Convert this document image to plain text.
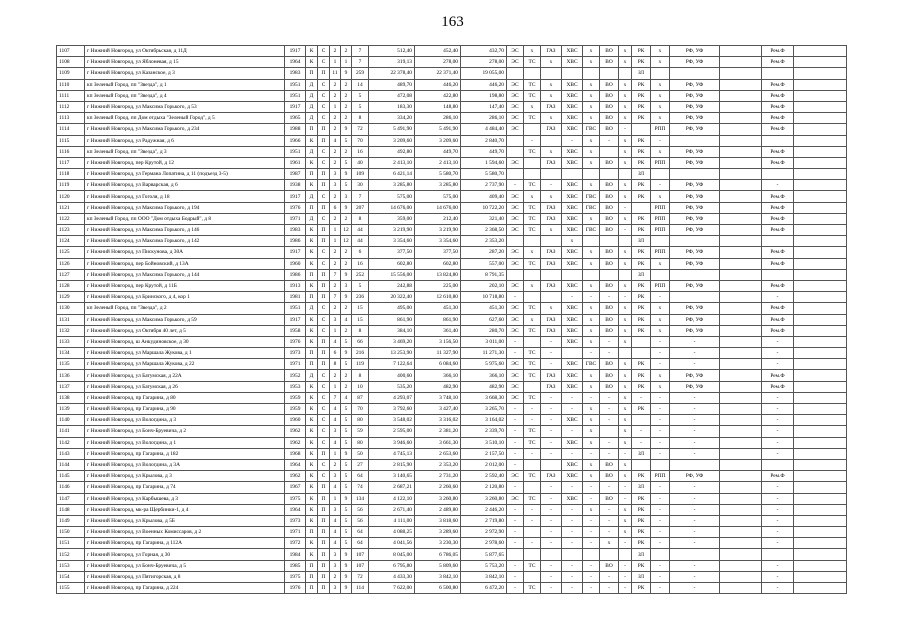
163
1107	г Нижний Новгород, ул Октябрьская, д 11Д	1917	К	С	2	2	7	512,40	452,40	432,70	ЭС	х	ГАЗ	ХВС	х	ВО	х	РК	х	РФ, УФ		Рем.Ф	
1108	г Нижний Новгород, ул Яблоневая, д 15	1964	К	С	1	1	7	319,13	278,00	278,00	ЭС	ТС	х	ХВС	х	ВО	х	РК	х	РФ, УФ		Рем.Ф	
1109	г Нижний Новгород, ул Казанское, д 3	1983	П	П	11	9	259	22 378,40	22 371,40	19 055,00								ЗЛ					
1110	кп Зеленый Город, пп "Звезда", д 1	1951	Д	С	2	2	14	489,70	446,20	446,20	ЭС	ТС	х	ХВС	х	ВО	х	РК	х	РФ, УФ		Рем.Ф	
1111	кп Зеленый Город, пп "Звезда", д 4	1951	Д	С	2	2	5	472,08	422,80	198,80	ЭС	ТС	х	ХВС	х	ВО	х	РК	х	РФ, УФ		Рем.Ф	
1112	г Нижний Новгород, ул Максима Горького, д 53	1917	Д	С	1	2	5	183,30	148,80	147,40	ЭС	х	ГАЗ	ХВС	х	ВО	х	РК	х	РФ, УФ		Рем.Ф	
1113	кп Зеленый Город, пп Дом отдыха "Зеленый Город", д 5	1965	Д	С	2	2	8	334,20	286,10	286,10	ЭС	ТС	х	ХВС	х	ВО	х	РК	х	РФ, УФ		Рем.Ф	
1114	г Нижний Новгород, ул Максима Горького, д 234	1988	П	П	2	9	72	5 491,90	5 491,90	4 484,40	ЭС		ГАЗ	ХВС	ГВС	ВО	-		РПП	РФ, УФ		Рем.Ф	
1115	г Нижний Новгород, ул Радужная, д 6	1966	К	П	4	5	70	3 209,60	3 209,60	2 840,70		-		-	х	-	х	РК	-				
1116	кп Зеленый Город, пп "Звезда", д 3	1951	Д	С	2	2	16	492,80	449,70	449,70		ТС	х	ХВС	х		х	РК	х	РФ, УФ		Рем.Ф	
1117	г Нижний Новгород, пер Крутой, д 12	1961	К	С	2	5	40	2 413,10	2 413,10	1 594,60	ЭС		ГАЗ	ХВС	х	ВО	х	РК	РПП	РФ, УФ		Рем.Ф	
1118	г Нижний Новгород, ул Германа Лопатина, д 11 (подъезд 3-5)	1987	П	П	3	9	109	6 421,14	5 580,70	5 580,70								ЗЛ					
1119	г Нижний Новгород, ул Варварская, д 6	1938	К	П	3	5	30	3 285,80	3 285,80	2 737,90	-	ТС	-	ХВС	х	ВО	х	РК	-	РФ, УФ		-	
1120	г Нижний Новгород, ул Гоголя, д 18	1917	Д	С	2	3	7	575,00	575,00	409,40	ЭС	х	х	ХВС	ГВС	ВО	х	РК	х	РФ, УФ		Рем.Ф	
1121	г Нижний Новгород, ул Максима Горького, д 194	1976	П	П	6	9	207	14 676,00	14 676,00	10 722,20	ЭС	ТС	ГАЗ	ХВС	ГВС	ВО	-		РПП	РФ, УФ		Рем.Ф	
1122	кп Зеленый Город, пп ООО "Дом отдыха Бодрый", д 8	1971	Д	С	2	2	8	359,00	212,40	321,40	ЭС	ТС	ГАЗ	ХВС	х	ВО	х	РК	РПП	РФ, УФ		Рем.Ф	
1123	г Нижний Новгород, ул Максима Горького, д 146	1983	К	П	1	12	44	3 219,90	3 219,90	2 368,50	ЭС	ТС	х	ХВС	ГВС	ВО	-	РК	РПП	РФ, УФ		Рем.Ф	
1124	г Нижний Новгород, ул Максима Горького, д 142	1986	К	П	1	12	44	3 354,60	3 354,60	2 353,20				х				ЗЛ					
1125	г Нижний Новгород, ул Пискунова, д 30А	1917	К	С	2	2	6	377,50	377,50	287,20	ЭС	х	ГАЗ	ХВС	х	ВО	х	РК	РПП	РФ, УФ		Рем.Ф	
1126	г Нижний Новгород, пер Бойновский, д 13А	1960	К	С	2	2	16	602,80	602,80	557,00	ЭС	ТС	ГАЗ	ХВС	х	ВО	х	РК	х	РФ, УФ		Рем.Ф	
1127	г Нижний Новгород, ул Максима Горького, д 144	1986	П	П	7	9	252	15 556,00	13 824,80	8 791,35								ЗЛ					
1128	г Нижний Новгород, пер Крутой, д 11Б	1913	К	П	2	3	5	242,88	225,00	202,10	ЭС	х	ГАЗ	ХВС	х	ВО	х	РК	РПП	РФ, УФ		Рем.Ф	
1129	г Нижний Новгород, ул Бринского, д 4, кор 1	1981	П	П	7	9	236	20 322,40	12 610,80	10 718,80	-			-	-	-	-	РК	-			-	
1130	кп Зеленый Город, пп "Звезда", д 2	1951	Д	С	2	2	15	495,00	451,30	451,30	ЭС	ТС	х	ХВС	х	ВО	х	РК	х	РФ, УФ		Рем.Ф	
1131	г Нижний Новгород, ул Максима Горького, д 59	1917	К	С	3	4	15	861,90	861,90	627,60	ЭС	х	ГАЗ	ХВС	х	ВО	х	РК	х	РФ, УФ		Рем.Ф	
1132	г Нижний Новгород, ул Октября 40 лет, д 5	1958	К	С	1	2	8	384,10	361,40	280,70	ЭС	ТС	ГАЗ	ХВС	х	ВО	х	РК	х	РФ, УФ		Рем.Ф	
1133	г Нижний Новгород, ш Анкудиновское, д 30	1976	К	П	4	5	66	3 469,20	3 156,50	3 011,00	-		-	ХВС	х	-	х		-	-		-	
1134	г Нижний Новгород, ул Маршала Жукова, д 1	1973	П	П	6	9	216	13 253,90	11 327,90	11 271,30	-	ТС	-		-	-			-	-		-	
1135	г Нижний Новгород, ул Маршала Жукова, д 22	1971	П	П	8	5	119	7 122,64	6 084,60	5 975,60	ЭС	ТС	-	ХВС	ГВС	ВО	х	РК	-	-		-	
1136	г Нижний Новгород, ул Батумская, д 22А	1952	Д	С	2	2	8	400,60	366,10	366,10	ЭС	ТС	ГАЗ	ХВС	х	ВО	х	РК	х	РФ, УФ		Рем.Ф	
1137	г Нижний Новгород, ул Батумская, д 26	1953	К	С	1	2	10	535,20	482,90	482,90	ЭС		ГАЗ	ХВС	х	ВО	х	РК	х	РФ, УФ		Рем.Ф	
1138	г Нижний Новгород, пр Гагарина, д 80	1959	К	С	7	4	87	4 293,07	3 748,10	3 668,30	ЭС	ТС	-	-	-	-	х	-	-	-		-	
1139	г Нижний Новгород, пр Гагарина, д 90	1959	К	С	4	5	70	3 792,60	3 427,40	3 265,70	-	-	-	-	х	-	х	РК	-	-		-	
1140	г Нижний Новгород, ул Вологдина, д 3	1960	К	С	4	5	80	3 548,02	3 316,02	3 164,02	-	-	-	ХВС	х	-	х		-	-		-	
1141	г Нижний Новгород, ул Бонч-Бруевича, д 2	1962	К	С	3	5	59	2 595,00	2 381,20	2 339,70	-	ТС	-	-	х		х	-	-	-		-	
1142	г Нижний Новгород, ул Вологдина, д 1	1962	К	С	4	5	80	3 946,60	3 661,30	3 510,10	-	ТС	-	ХВС	х	-	х	-	-	-		-	
1143	г Нижний Новгород, пр Гагарина, д 182	1968	К	П	1	9	50	4 745,13	2 653,60	2 157,50	-	-	-	-	-	-	-	ЗЛ	-	-		-	
1144	г Нижний Новгород, ул Вологдина, д 3А	1964	К	С	2	5	27	2 815,90	2 353,20	2 012,00	-			ХВС	х	ВО	х						
1145	г Нижний Новгород, ул Крылова, д 3	1962	К	С	3	5	64	3 140,65	2 731,20	2 592,40	ЭС	ТС	ГАЗ	ХВС	х	ВО	х	РК	РПП	РФ, УФ		Рем.Ф	
1146	г Нижний Новгород, пр Гагарина, д 74	1967	К	П	4	5	74	2 687,21	2 260,60	2 120,80	-		-	-	-	-	-	ЗЛ	-	-		-	
1147	г Нижний Новгород, ул Карбышева, д 3	1975	К	П	1	9	134	4 122,10	3 260,80	3 260,80	ЭС	ТС	-	ХВС	-	ВО	-	РК	-	-		-	
1148	г Нижний Новгород, мк-ра Щербинки-1, д 4	1964	К	П	3	5	56	2 671,40	2 489,80	2 446,20	-	-	-	-	х	-	х	РК	-	-		-	
1149	г Нижний Новгород, ул Крылова, д 5Б	1973	К	П	4	5	56	4 111,00	3 818,60	2 719,80	-	-	-	-	-	-	х	РК	-	-		-	
1150	г Нижний Новгород, ул Военных Комиссаров, д 2	1971	П	П	4	5	64	4 088,25	3 289,60	2 972,90	-		-	-	-	-	х	РК	-	-		-	
1151	г Нижний Новгород, пр Гагарина, д 112А	1972	К	П	4	5	64	4 041,56	3 230,30	2 978,60	-	-	-	-	-	х	-	РК	-	-		-	
1152	г Нижний Новгород, ул Горная, д 30	1984	К	П	3	9	107	8 045,00	6 786,05	5 877,65								ЗЛ					
1153	г Нижний Новгород, ул Бонч-Бруевича, д 5	1985	П	П	3	9	107	6 795,80	5 809,60	5 753,20	-	ТС	-	-	-	ВО	-	РК	-	-		-	
1154	г Нижний Новгород, ул Пятигорская, д 8	1975	П	П	2	9	72	4 433,30	3 842,10	3 842,10	-		-	-	-	-	-	ЗЛ	-	-		-	
1155	г Нижний Новгород, пр Гагарина, д 224	1976	П	П	3	9	114	7 622,00	6 500,80	6 472,20	-	ТС	-	-	-	-	-	РК	-	-		-	
